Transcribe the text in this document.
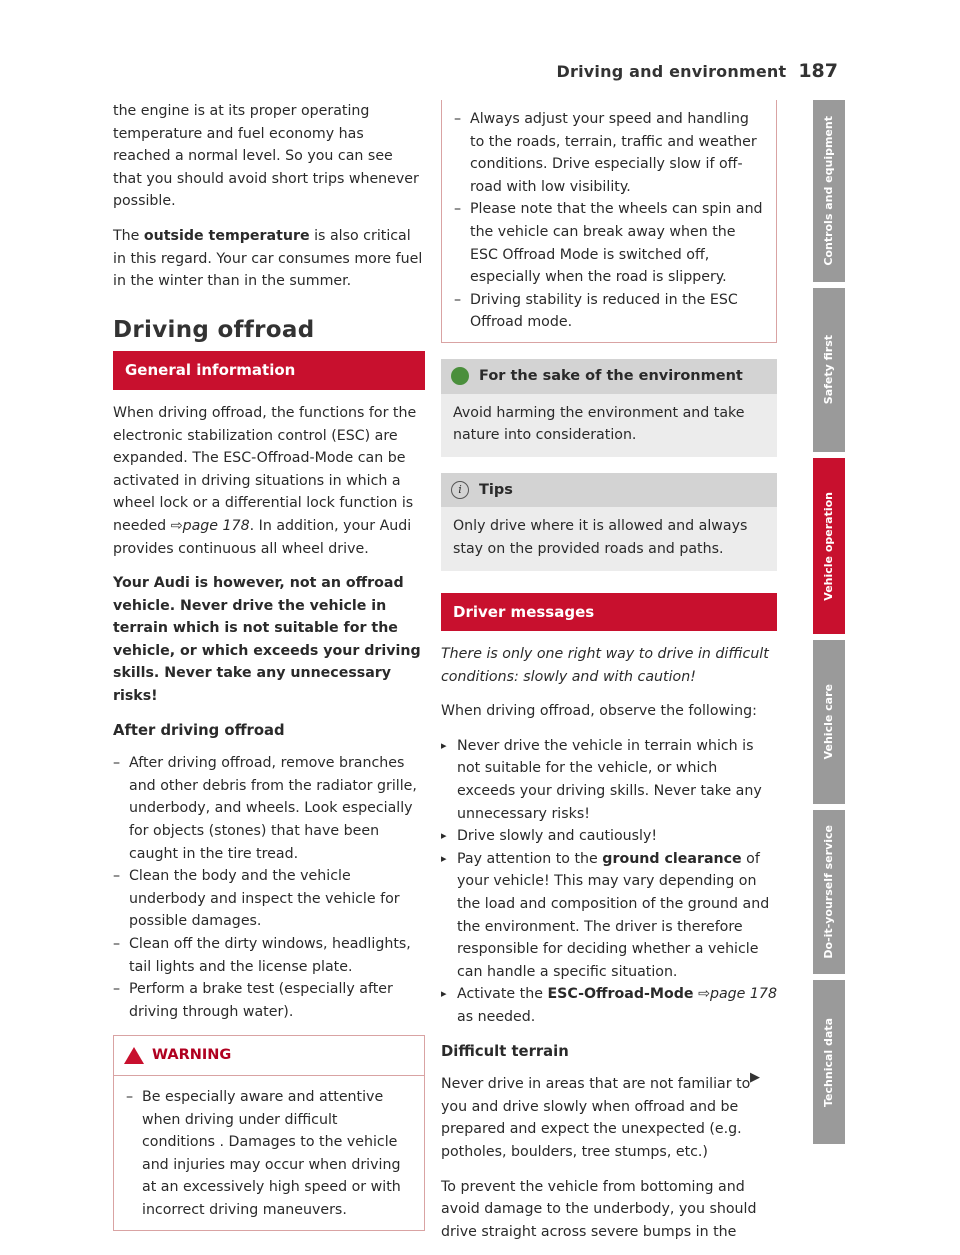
Driving and environment 187

the engine is at its proper operating temperature and fuel economy has reached a normal level. So you can see that you should avoid short trips whenever possible.

The outside temperature is also critical in this regard. Your car consumes more fuel in the winter than in the summer.

Driving offroad
General information

When driving offroad, the functions for the electronic stabilization control (ESC) are expanded. The ESC-Offroad-Mode can be activated in driving situations in which a wheel lock or a differential lock function is needed ⇨page 178. In addition, your Audi provides continuous all wheel drive.

Your Audi is however, not an offroad vehicle. Never drive the vehicle in terrain which is not suitable for the vehicle, or which exceeds your driving skills. Never take any unnecessary risks!

After driving offroad
– After driving offroad, remove branches and other debris from the radiator grille, underbody, and wheels. Look especially for objects (stones) that have been caught in the tire tread.
– Clean the body and the vehicle underbody and inspect the vehicle for possible damages.
– Clean off the dirty windows, headlights, tail lights and the license plate.
– Perform a brake test (especially after driving through water).
WARNING
– Be especially aware and attentive when driving under difficult conditions . Damages to the vehicle and injuries may occur when driving at an excessively high speed or with incorrect driving maneuvers.
– Always adjust your speed and handling to the roads, terrain, traffic and weather conditions. Drive especially slow if off-road with low visibility.
– Please note that the wheels can spin and the vehicle can break away when the ESC Offroad Mode is switched off, especially when the road is slippery.
– Driving stability is reduced in the ESC Offroad mode.
For the sake of the environment
Avoid harming the environment and take nature into consideration.
i	Tips
Only drive where it is allowed and always stay on the provided roads and paths.
Driver messages

There is only one right way to drive in difficult conditions: slowly and with caution!

When driving offroad, observe the following:

▸ Never drive the vehicle in terrain which is not suitable for the vehicle, or which exceeds your driving skills. Never take any unnecessary risks!
▸ Drive slowly and cautiously!
▸ Pay attention to the ground clearance of your vehicle! This may vary depending on the load and composition of the ground and the environment. The driver is therefore responsible for deciding whether a vehicle can handle a specific situation.
▸ Activate the ESC-Offroad-Mode ⇨page 178 as needed.
Difficult terrain

Never drive in areas that are not familiar to you and drive slowly when offroad and be prepared and expect the unexpected (e.g. potholes, boulders, tree stumps, etc.)

To prevent the vehicle from bottoming and avoid damage to the underbody, you should drive straight across severe bumps in the

▶
Controls and equipment
Safety first
Vehicle operation
Vehicle care
Do-it-yourself service
Technical data
